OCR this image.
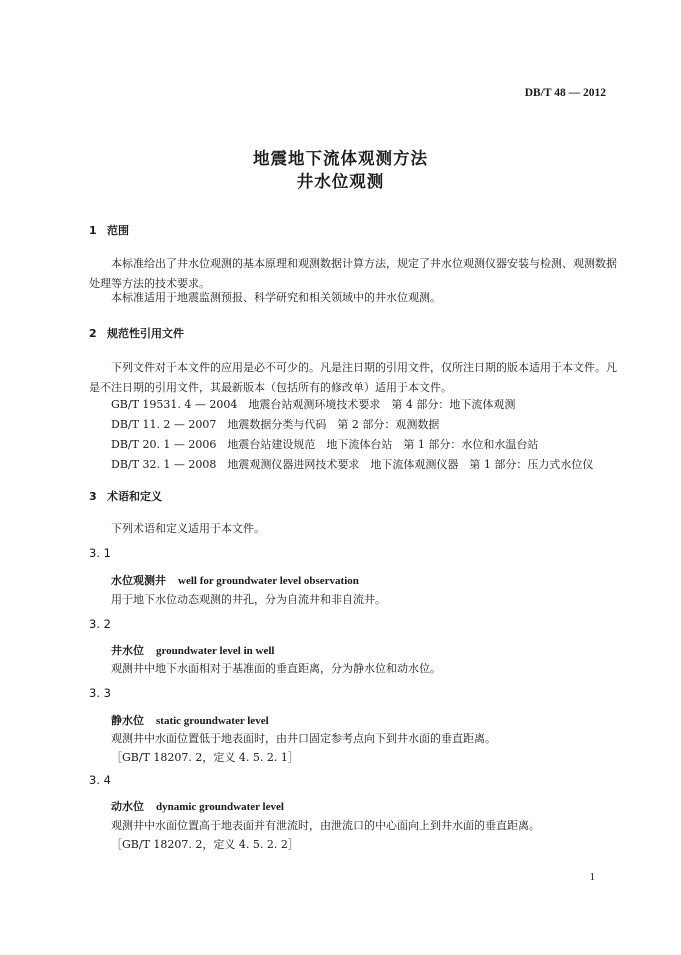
DB/T 48 — 2012
地震地下流体观测方法
井水位观测
1 范围
本标准给出了井水位观测的基本原理和观测数据计算方法，规定了井水位观测仪器安装与检测、观测数据处理等方法的技术要求。
本标准适用于地震监测预报、科学研究和相关领域中的井水位观测。
2 规范性引用文件
下列文件对于本文件的应用是必不可少的。凡是注日期的引用文件，仅所注日期的版本适用于本文件。凡是不注日期的引用文件，其最新版本（包括所有的修改单）适用于本文件。
GB/T 19531. 4 — 2004　地震台站观测环境技术要求　第 4 部分：地下流体观测
DB/T 11. 2 — 2007　地震数据分类与代码　第 2 部分：观测数据
DB/T 20. 1 — 2006　地震台站建设规范　地下流体台站　第 1 部分：水位和水温台站
DB/T 32. 1 — 2008　地震观测仪器进网技术要求　地下流体观测仪器　第 1 部分：压力式水位仪
3 术语和定义
下列术语和定义适用于本文件。
3. 1
水位观测井 well for groundwater level observation
用于地下水位动态观测的井孔，分为自流井和非自流井。
3. 2
井水位 groundwater level in well
观测井中地下水面相对于基准面的垂直距离，分为静水位和动水位。
3. 3
静水位 static groundwater level
观测井中水面位置低于地表面时，由井口固定参考点向下到井水面的垂直距离。
［GB/T 18207. 2，定义 4. 5. 2. 1］
3. 4
动水位 dynamic groundwater level
观测井中水面位置高于地表面并有泄流时，由泄流口的中心面向上到井水面的垂直距离。
［GB/T 18207. 2，定义 4. 5. 2. 2］
1
